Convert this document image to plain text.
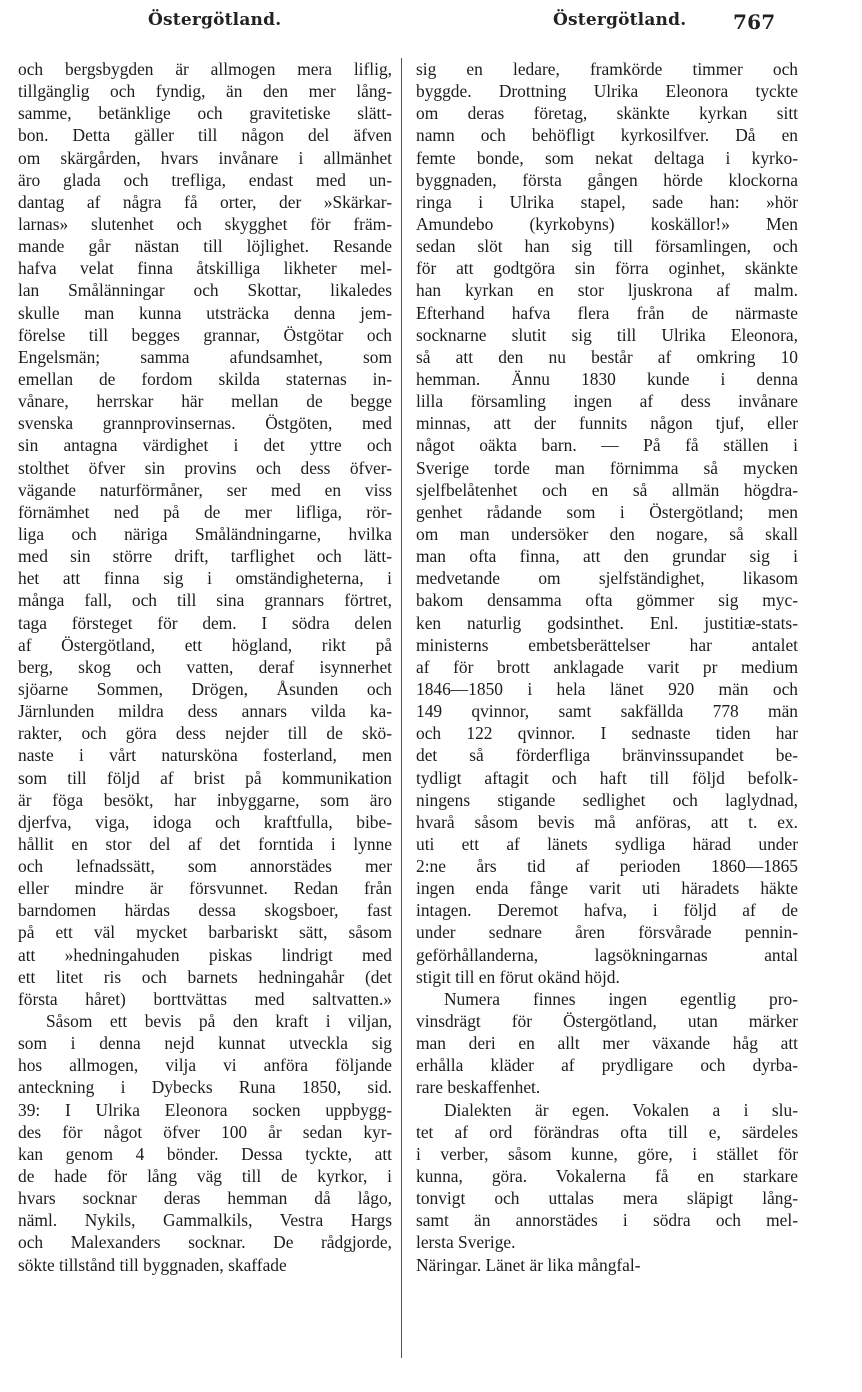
Östergötland.	Östergötland. 767
och bergsbygden är allmogen mera liflig,
tillgänglig och fyndig, än den mer lång-
samme, betänklige och gravitetiske slätt-
bon. Detta gäller till någon del äfven
om skärgården, hvars invånare i allmänhet
äro glada och trefliga, endast med un-
dantag af några få orter, der »Skärkar-
larnas» slutenhet och skygghet för främ-
mande går nästan till löjlighet. Resande
hafva velat finna åtskilliga likheter mel-
lan Smålänningar och Skottar, likaledes
skulle man kunna utsträcka denna jem-
förelse till begges grannar, Östgötar och
Engelsmän; samma afundsamhet, som
emellan de fordom skilda staternas in-
vånare, herrskar här mellan de begge
svenska grannprovinsernas. Östgöten, med
sin antagna värdighet i det yttre och
stolthet öfver sin provins och dess öfver-
vägande naturförmåner, ser med en viss
förnämhet ned på de mer lifliga, rör-
liga och näriga Småländningarne, hvilka
med sin större drift, tarflighet och lätt-
het att finna sig i omständigheterna, i
många fall, och till sina grannars förtret,
taga försteget för dem. I södra delen
af Östergötland, ett högland, rikt på
berg, skog och vatten, deraf isynnerhet
sjöarne Sommen, Drögen, Åsunden och
Järnlunden mildra dess annars vilda ka-
rakter, och göra dess nejder till de skö-
naste i vårt natursköna fosterland, men
som till följd af brist på kommunikation
är föga besökt, har inbyggarne, som äro
djerfva, viga, idoga och kraftfulla, bibe-
hållit en stor del af det forntida i lynne
och lefnadssätt, som annorstädes mer
eller mindre är försvunnet. Redan från
barndomen härdas dessa skogsboer, fast
på ett väl mycket barbariskt sätt, såsom
att »hedningahuden piskas lindrigt med
ett litet ris och barnets hedningahår (det
första håret) borttvättas med saltvatten.»
Såsom ett bevis på den kraft i viljan,
som i denna nejd kunnat utveckla sig
hos allmogen, vilja vi anföra följande
anteckning i Dybecks Runa 1850, sid.
39: I Ulrika Eleonora socken uppbygg-
des för något öfver 100 år sedan kyr-
kan genom 4 bönder. Dessa tyckte, att
de hade för lång väg till de kyrkor, i
hvars socknar deras hemman då lågo,
näml. Nykils, Gammalkils, Vestra Hargs
och Malexanders socknar. De rådgjorde,
sökte tillstånd till byggnaden, skaffade
sig en ledare, framkörde timmer och
byggde. Drottning Ulrika Eleonora tyckte
om deras företag, skänkte kyrkan sitt
namn och behöfligt kyrkosilfver. Då en
femte bonde, som nekat deltaga i kyrko-
byggnaden, första gången hörde klockorna
ringa i Ulrika stapel, sade han: »hör
Amundebo (kyrkobyns) koskällor!» Men
sedan slöt han sig till församlingen, och
för att godtgöra sin förra oginhet, skänkte
han kyrkan en stor ljuskrona af malm.
Efterhand hafva flera från de närmaste
socknarne slutit sig till Ulrika Eleonora,
så att den nu består af omkring 10
hemman. Ännu 1830 kunde i denna
lilla församling ingen af dess invånare
minnas, att der funnits någon tjuf, eller
något oäkta barn. — På få ställen i
Sverige torde man förnimma så mycken
sjelfbelåtenhet och en så allmän högdra-
genhet rådande som i Östergötland; men
om man undersöker den nogare, så skall
man ofta finna, att den grundar sig i
medvetande om sjelfständighet, likasom
bakom densamma ofta gömmer sig myc-
ken naturlig godsinthet. Enl. justitiæ-stats-
ministerns embetsberättelser har antalet
af för brott anklagade varit pr medium
1846—1850 i hela länet 920 män och
149 qvinnor, samt sakfällda 778 män
och 122 qvinnor. I sednaste tiden har
det så förderfliga bränvinssupandet be-
tydligt aftagit och haft till följd befolk-
ningens stigande sedlighet och laglydnad,
hvarå såsom bevis må anföras, att t. ex.
uti ett af länets sydliga härad under
2:ne års tid af perioden 1860—1865
ingen enda fånge varit uti häradets häkte
intagen. Deremot hafva, i följd af de
under sednare åren försvårade pennin-
geförhållanderna, lagsökningarnas antal
stigit till en förut okänd höjd.
Numera finnes ingen egentlig pro-
vinsdrägt för Östergötland, utan märker
man deri en allt mer växande håg att
erhålla kläder af prydligare och dyrba-
rare beskaffenhet.
Dialekten är egen. Vokalen a i slu-
tet af ord förändras ofta till e, särdeles
i verber, såsom kunne, göre, i stället för
kunna, göra. Vokalerna få en starkare
tonvigt och uttalas mera släpigt lång-
samt än annorstädes i södra och mel-
lersta Sverige.
Näringar. Länet är lika mångfal-
